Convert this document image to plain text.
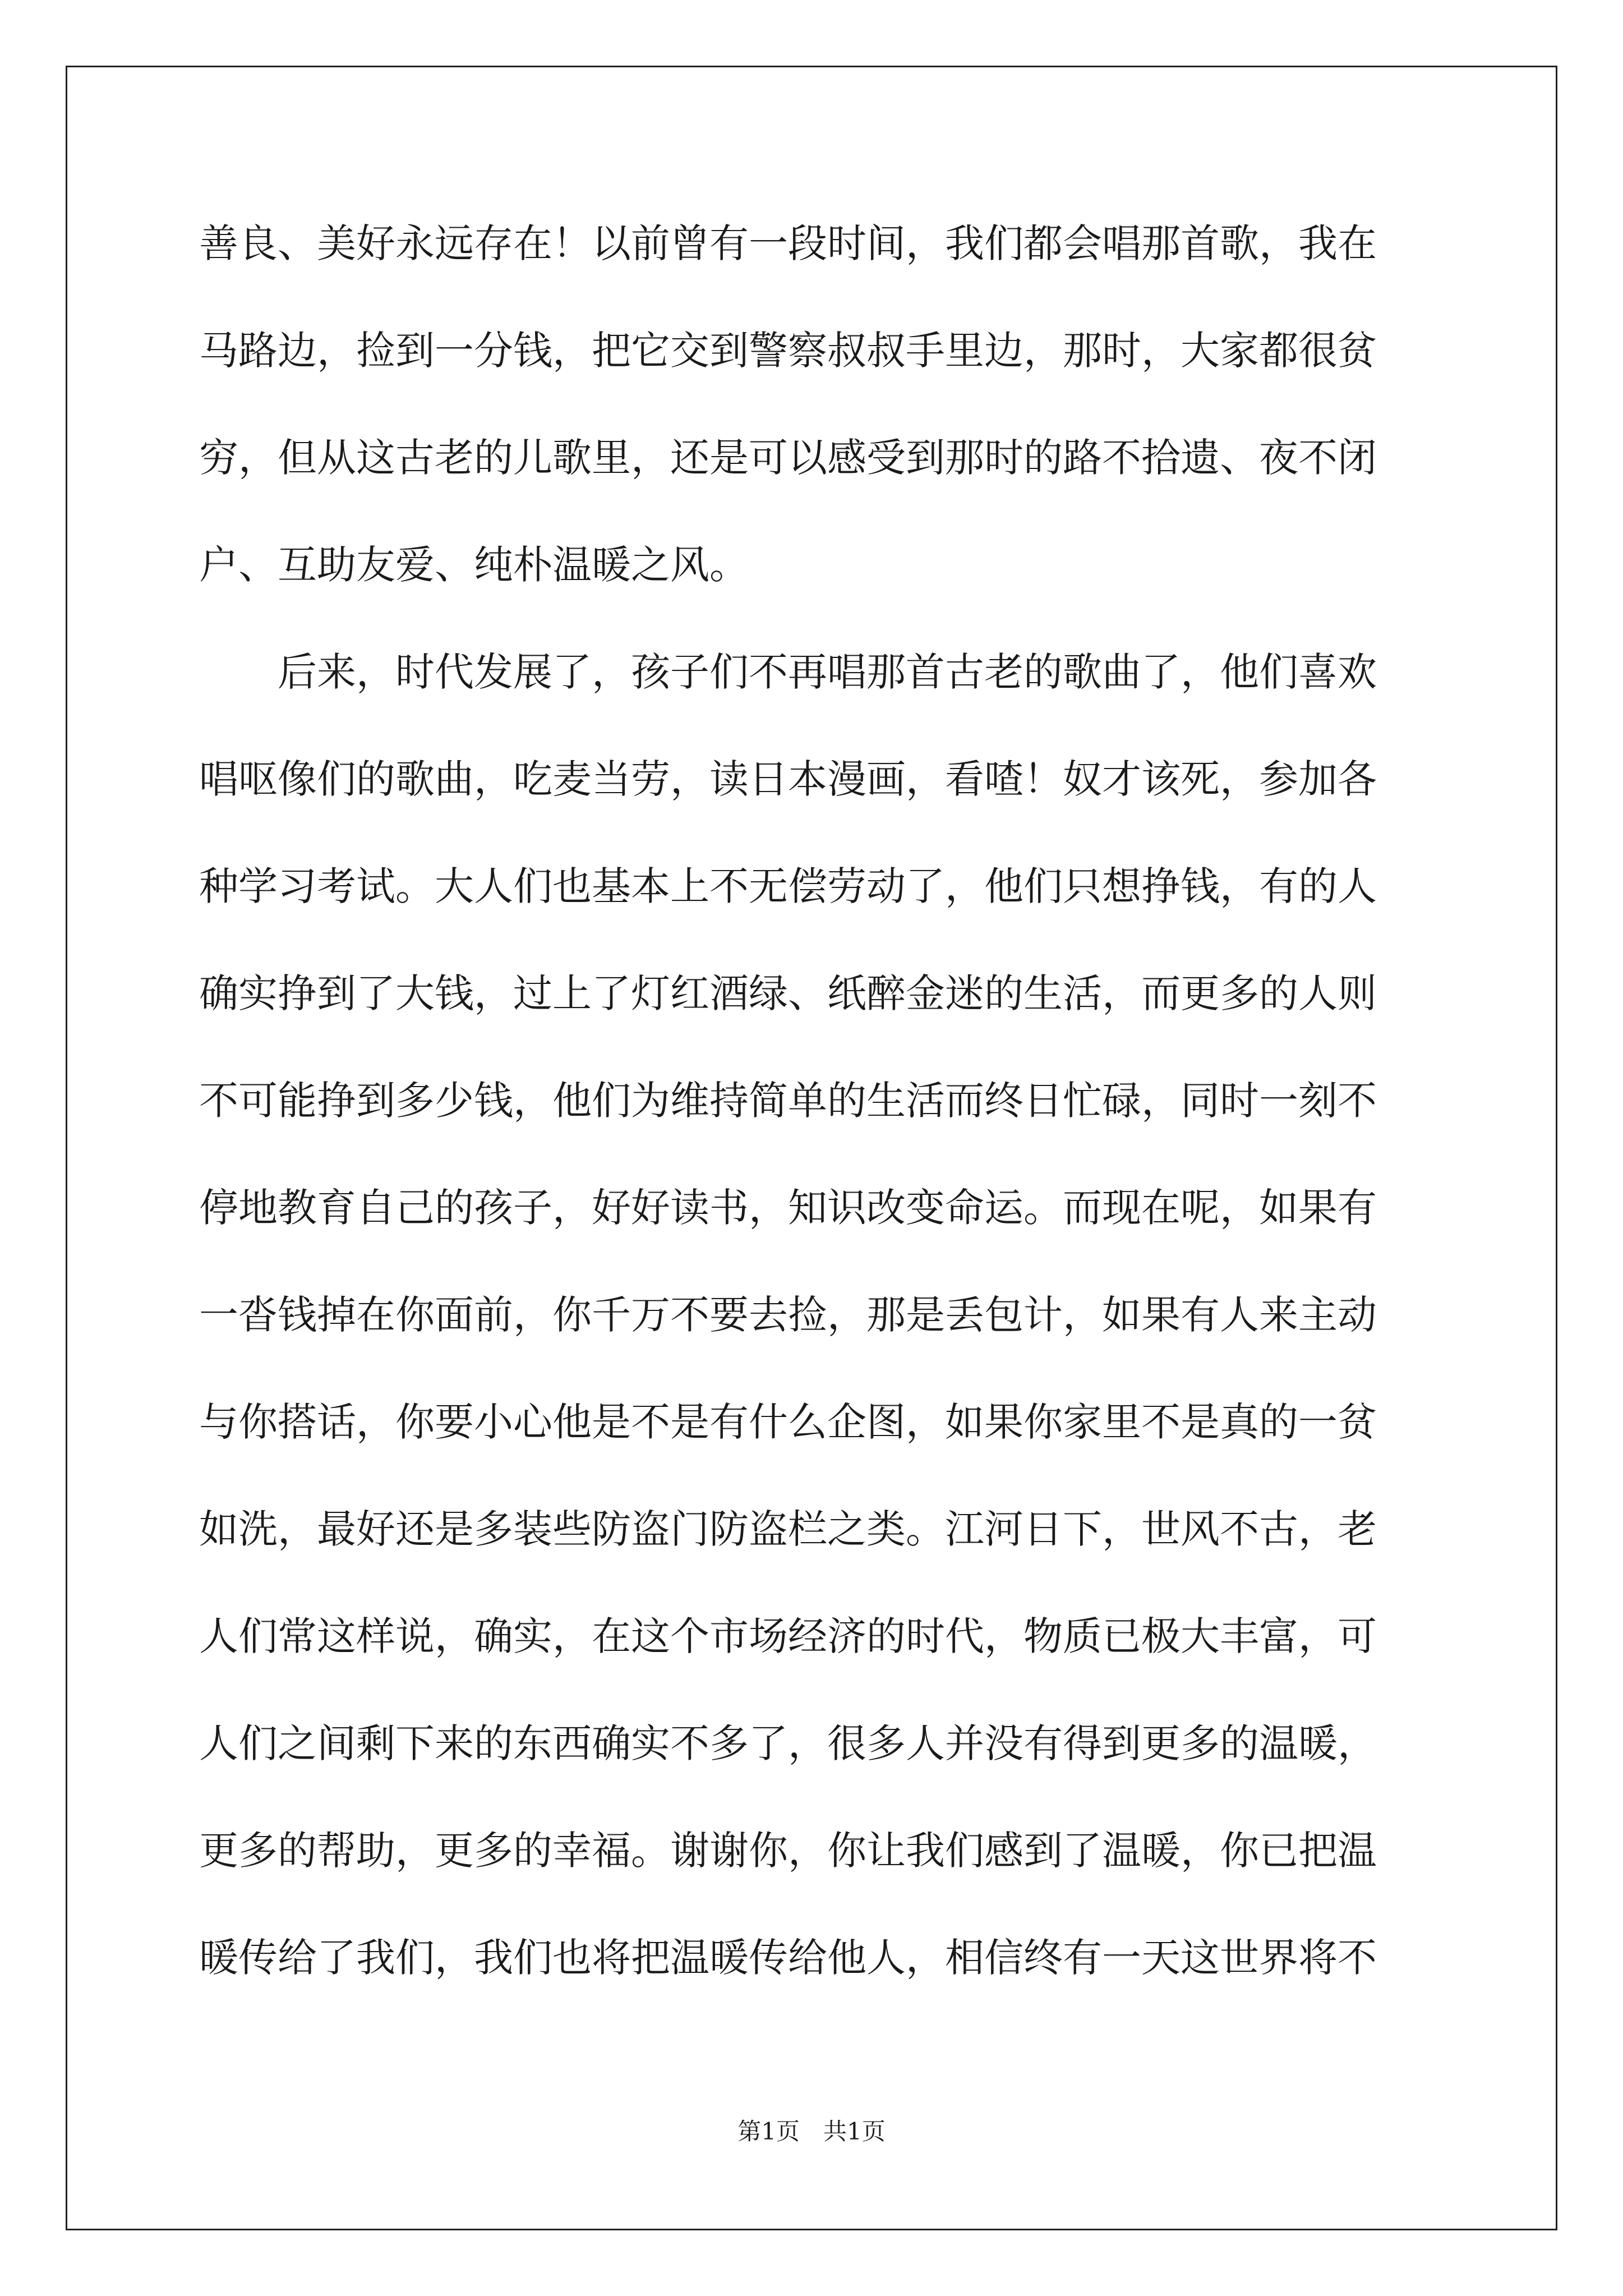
善良、美好永远存在！以前曾有一段时间，我们都会唱那首歌，我在
马路边，捡到一分钱，把它交到警察叔叔手里边，那时，大家都很贫
穷，但从这古老的儿歌里，还是可以感受到那时的路不拾遗、夜不闭
户、互助友爱、纯朴温暖之风。
　　后来，时代发展了，孩子们不再唱那首古老的歌曲了，他们喜欢
唱呕像们的歌曲，吃麦当劳，读日本漫画，看喳！奴才该死，参加各
种学习考试。大人们也基本上不无偿劳动了，他们只想挣钱，有的人
确实挣到了大钱，过上了灯红酒绿、纸醉金迷的生活，而更多的人则
不可能挣到多少钱，他们为维持简单的生活而终日忙碌，同时一刻不
停地教育自己的孩子，好好读书，知识改变命运。而现在呢，如果有
一沓钱掉在你面前，你千万不要去捡，那是丢包计，如果有人来主动
与你搭话，你要小心他是不是有什么企图，如果你家里不是真的一贫
如洗，最好还是多装些防盗门防盗栏之类。江河日下，世风不古，老
人们常这样说，确实，在这个市场经济的时代，物质已极大丰富，可
人们之间剩下来的东西确实不多了，很多人并没有得到更多的温暖，
更多的帮助，更多的幸福。谢谢你，你让我们感到了温暖，你已把温
暖传给了我们，我们也将把温暖传给他人，相信终有一天这世界将不
第1页　共1页
